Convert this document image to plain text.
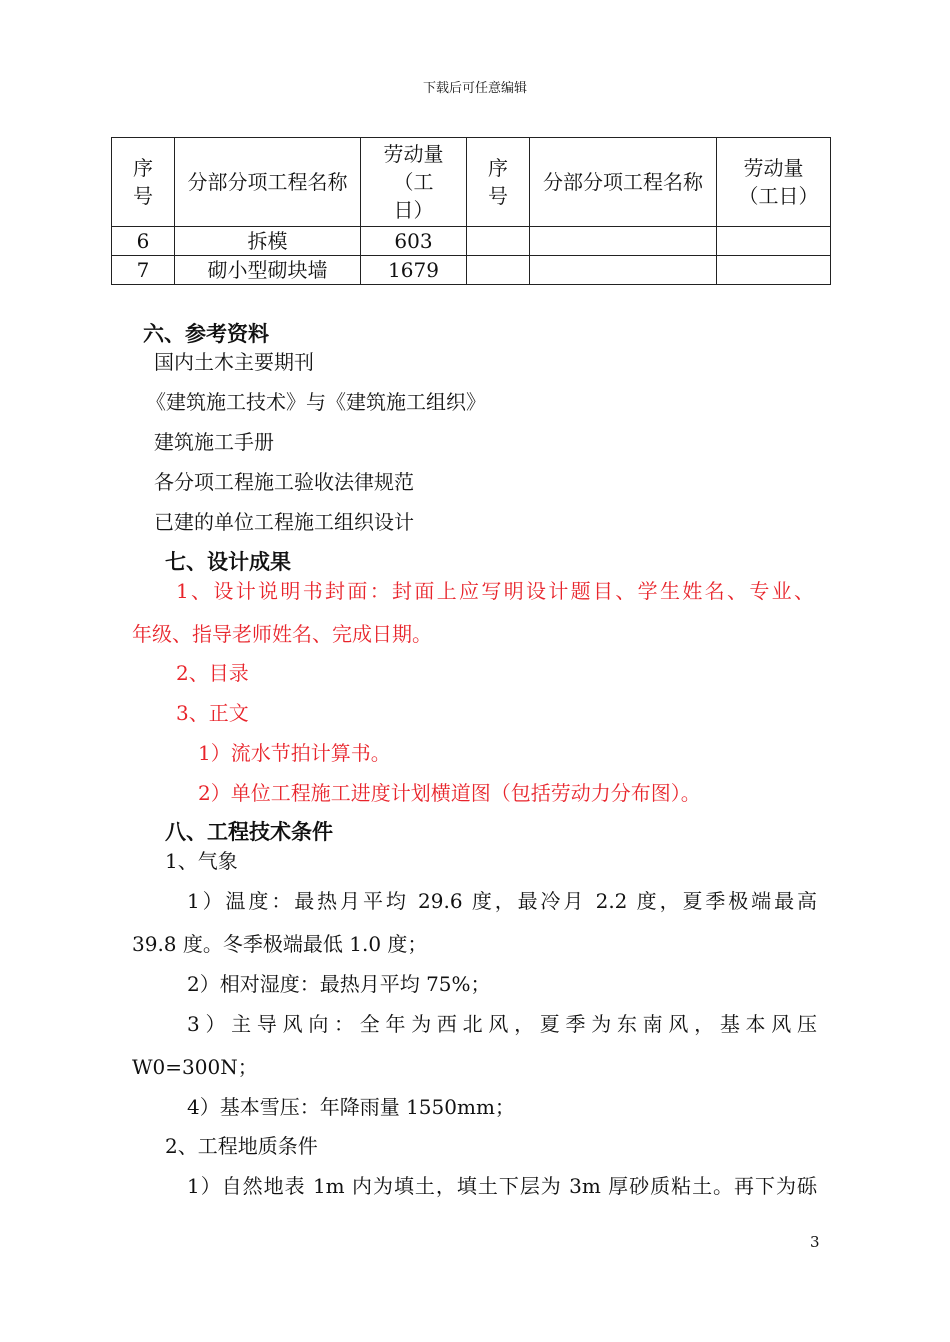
下载后可任意编辑
序号	分部分项工程名称	劳动量（工日）	序号	分部分项工程名称	劳动量（工日）

6	拆模	603			
7	砌小型砌块墙	1679			
六、参考资料
国内土木主要期刊
《建筑施工技术》与《建筑施工组织》
建筑施工手册
各分项工程施工验收法律规范
已建的单位工程施工组织设计
七、设计成果
1、设计说明书封面：封面上应写明设计题目、学生姓名、专业、
年级、指导老师姓名、完成日期。
2、目录
3、正文
1）流水节拍计算书。
2）单位工程施工进度计划横道图（包括劳动力分布图）。
八、工程技术条件
1、气象
1）温度：最热月平均 29.6 度，最冷月 2.2 度，夏季极端最高
39.8 度。冬季极端最低 1.0 度；
2）相对湿度：最热月平均 75%；
3）主导风向：全年为西北风，夏季为东南风，基本风压
W0=300N；
4）基本雪压：年降雨量 1550mm；
2、工程地质条件
1）自然地表 1m 内为填土，填土下层为 3m 厚砂质粘土。再下为砾
3
